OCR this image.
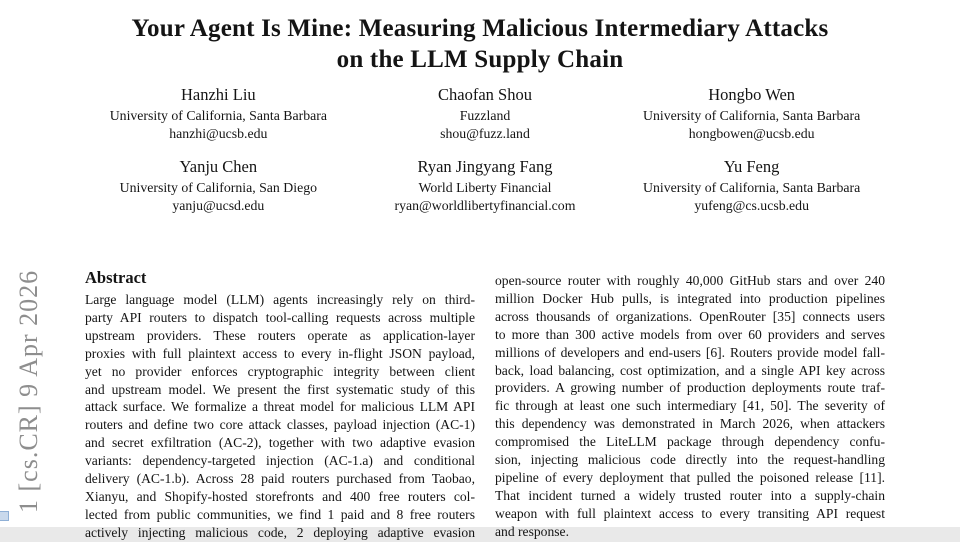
1 [cs.CR] 9 Apr 2026
Your Agent Is Mine: Measuring Malicious Intermediary Attacks
on the LLM Supply Chain
Hanzhi Liu
University of California, Santa Barbara
hanzhi@ucsb.edu
Chaofan Shou
Fuzzland
shou@fuzz.land
Hongbo Wen
University of California, Santa Barbara
hongbowen@ucsb.edu
Yanju Chen
University of California, San Diego
yanju@ucsd.edu
Ryan Jingyang Fang
World Liberty Financial
ryan@worldlibertyfinancial.com
Yu Feng
University of California, Santa Barbara
yufeng@cs.ucsb.edu
Abstract
Large language model (LLM) agents increasingly rely on third-
party API routers to dispatch tool-calling requests across multiple
upstream providers. These routers operate as application-layer
proxies with full plaintext access to every in-flight JSON payload,
yet no provider enforces cryptographic integrity between client
and upstream model. We present the first systematic study of this
attack surface. We formalize a threat model for malicious LLM API
routers and define two core attack classes, payload injection (AC-1)
and secret exfiltration (AC-2), together with two adaptive evasion
variants: dependency-targeted injection (AC-1.a) and conditional
delivery (AC-1.b). Across 28 paid routers purchased from Taobao,
Xianyu, and Shopify-hosted storefronts and 400 free routers col-
lected from public communities, we find 1 paid and 8 free routers
actively injecting malicious code, 2 deploying adaptive evasion
open-source router with roughly 40,000 GitHub stars and over 240
million Docker Hub pulls, is integrated into production pipelines
across thousands of organizations. OpenRouter [35] connects users
to more than 300 active models from over 60 providers and serves
millions of developers and end-users [6]. Routers provide model fall-
back, load balancing, cost optimization, and a single API key across
providers. A growing number of production deployments route traf-
fic through at least one such intermediary [41, 50]. The severity of
this dependency was demonstrated in March 2026, when attackers
compromised the LiteLLM package through dependency confu-
sion, injecting malicious code directly into the request-handling
pipeline of every deployment that pulled the poisoned release [11].
That incident turned a widely trusted router into a supply-chain
weapon with full plaintext access to every transiting API request
and response.
